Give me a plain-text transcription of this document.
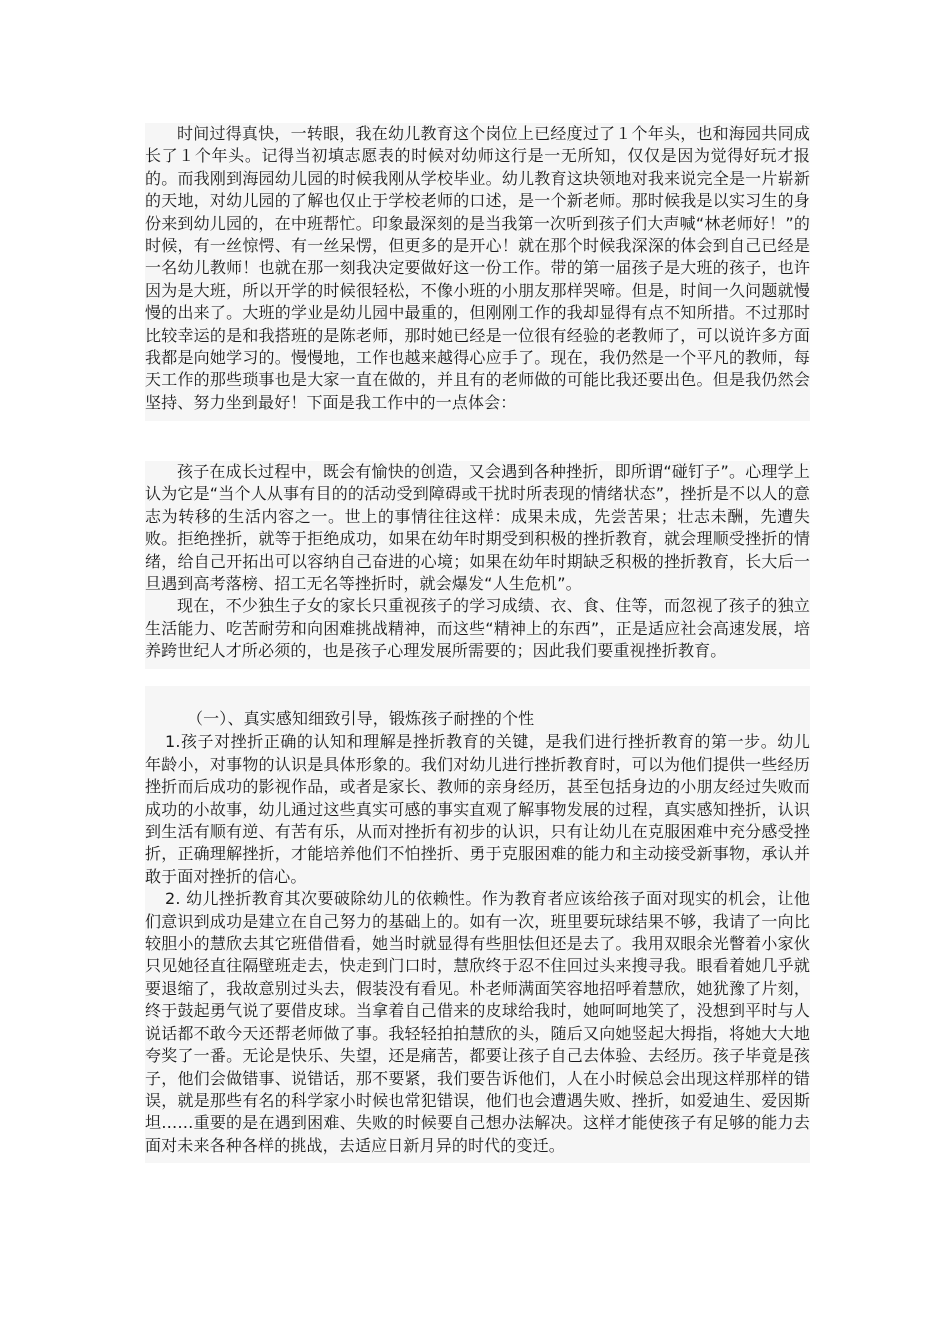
时间过得真快，一转眼，我在幼儿教育这个岗位上已经度过了１个年头，也和海园共同成长了１个年头。记得当初填志愿表的时候对幼师这行是一无所知，仅仅是因为觉得好玩才报的。而我刚到海园幼儿园的时候我刚从学校毕业。幼儿教育这块领地对我来说完全是一片崭新的天地，对幼儿园的了解也仅止于学校老师的口述，是一个新老师。那时候我是以实习生的身份来到幼儿园的，在中班帮忙。印象最深刻的是当我第一次听到孩子们大声喊“林老师好！”的时候，有一丝惊愕、有一丝呆愣，但更多的是开心！就在那个时候我深深的体会到自己已经是一名幼儿教师！也就在那一刻我决定要做好这一份工作。带的第一届孩子是大班的孩子，也许因为是大班，所以开学的时候很轻松，不像小班的小朋友那样哭啼。但是，时间一久问题就慢慢的出来了。大班的学业是幼儿园中最重的，但刚刚工作的我却显得有点不知所措。不过那时比较幸运的是和我搭班的是陈老师，那时她已经是一位很有经验的老教师了，可以说许多方面我都是向她学习的。慢慢地，工作也越来越得心应手了。现在，我仍然是一个平凡的教师，每天工作的那些琐事也是大家一直在做的，并且有的老师做的可能比我还要出色。但是我仍然会坚持、努力坐到最好！下面是我工作中的一点体会：

孩子在成长过程中，既会有愉快的创造，又会遇到各种挫折，即所谓“碰钉子”。心理学上认为它是“当个人从事有目的的活动受到障碍或干扰时所表现的情绪状态”，挫折是不以人的意志为转移的生活内容之一。世上的事情往往这样：成果未成，先尝苦果；壮志未酬，先遭失败。拒绝挫折，就等于拒绝成功，如果在幼年时期受到积极的挫折教育，就会理顺受挫折的情绪，给自己开拓出可以容纳自己奋进的心境；如果在幼年时期缺乏积极的挫折教育，长大后一旦遇到高考落榜、招工无名等挫折时，就会爆发“人生危机”。

现在，不少独生子女的家长只重视孩子的学习成绩、衣、食、住等，而忽视了孩子的独立生活能力、吃苦耐劳和向困难挑战精神，而这些“精神上的东西”，正是适应社会高速发展，培养跨世纪人才所必须的，也是孩子心理发展所需要的；因此我们要重视挫折教育。

（一）、真实感知细致引导，锻炼孩子耐挫的个性

1.孩子对挫折正确的认知和理解是挫折教育的关键，是我们进行挫折教育的第一步。幼儿年龄小，对事物的认识是具体形象的。我们对幼儿进行挫折教育时，可以为他们提供一些经历挫折而后成功的影视作品，或者是家长、教师的亲身经历，甚至包括身边的小朋友经过失败而成功的小故事，幼儿通过这些真实可感的事实直观了解事物发展的过程，真实感知挫折，认识到生活有顺有逆、有苦有乐，从而对挫折有初步的认识，只有让幼儿在克服困难中充分感受挫折，正确理解挫折，才能培养他们不怕挫折、勇于克服困难的能力和主动接受新事物，承认并敢于面对挫折的信心。

2. 幼儿挫折教育其次要破除幼儿的依赖性。作为教育者应该给孩子面对现实的机会，让他们意识到成功是建立在自己努力的基础上的。如有一次，班里要玩球结果不够，我请了一向比较胆小的慧欣去其它班借借看，她当时就显得有些胆怯但还是去了。我用双眼余光瞥着小家伙只见她径直往隔壁班走去，快走到门口时，慧欣终于忍不住回过头来搜寻我。眼看着她几乎就要退缩了，我故意别过头去，假装没有看见。朴老师满面笑容地招呼着慧欣，她犹豫了片刻，终于鼓起勇气说了要借皮球。当拿着自己借来的皮球给我时，她呵呵地笑了，没想到平时与人说话都不敢今天还帮老师做了事。我轻轻拍拍慧欣的头，随后又向她竖起大拇指，将她大大地夸奖了一番。无论是快乐、失望，还是痛苦，都要让孩子自己去体验、去经历。孩子毕竟是孩子，他们会做错事、说错话，那不要紧，我们要告诉他们，人在小时候总会出现这样那样的错误，就是那些有名的科学家小时候也常犯错误，他们也会遭遇失败、挫折，如爱迪生、爱因斯坦……重要的是在遇到困难、失败的时候要自己想办法解决。这样才能使孩子有足够的能力去面对未来各种各样的挑战，去适应日新月异的时代的变迁。
